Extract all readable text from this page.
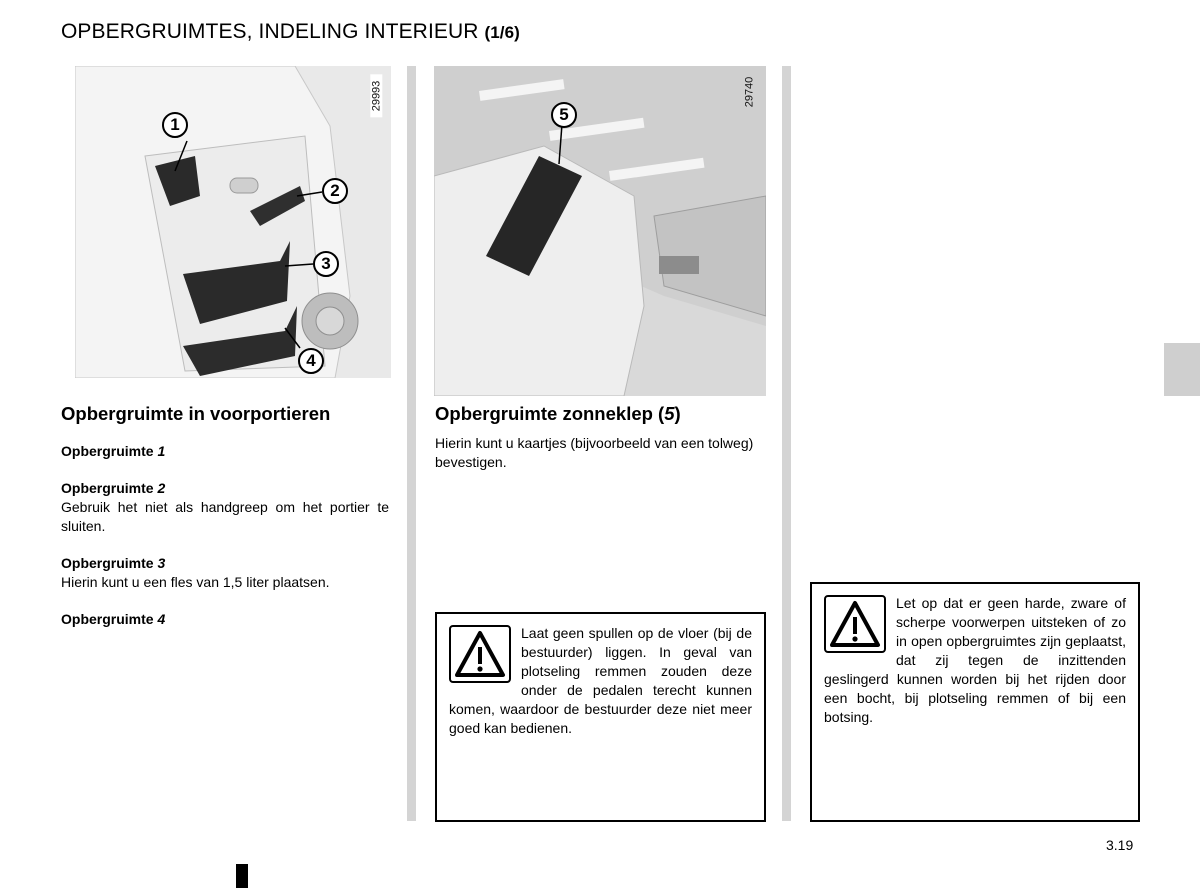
OPBERGRUIMTES, INDELING INTERIEUR (1/6)
29993
1
2
3
4
29740
5
Opbergruimte in voorportieren
Opbergruimte 1
Opbergruimte 2
Gebruik het niet als handgreep om het portier te sluiten.
Opbergruimte 3
Hierin kunt u een fles van 1,5 liter plaatsen.
Opbergruimte 4
Opbergruimte zonneklep (5)
Hierin kunt u kaartjes (bijvoorbeeld van een tolweg) bevestigen.
Laat geen spullen op de vloer (bij de bestuurder) liggen. In geval van plotseling remmen zouden deze onder de pedalen terecht kunnen komen, waardoor de bestuurder deze niet meer goed kan bedienen.
Let op dat er geen harde, zware of scherpe voorwerpen uitsteken of zo in open opbergruimtes zijn geplaatst, dat zij tegen de inzittenden geslingerd kunnen worden bij het rijden door een bocht, bij plotseling remmen of bij een botsing.
3.19
